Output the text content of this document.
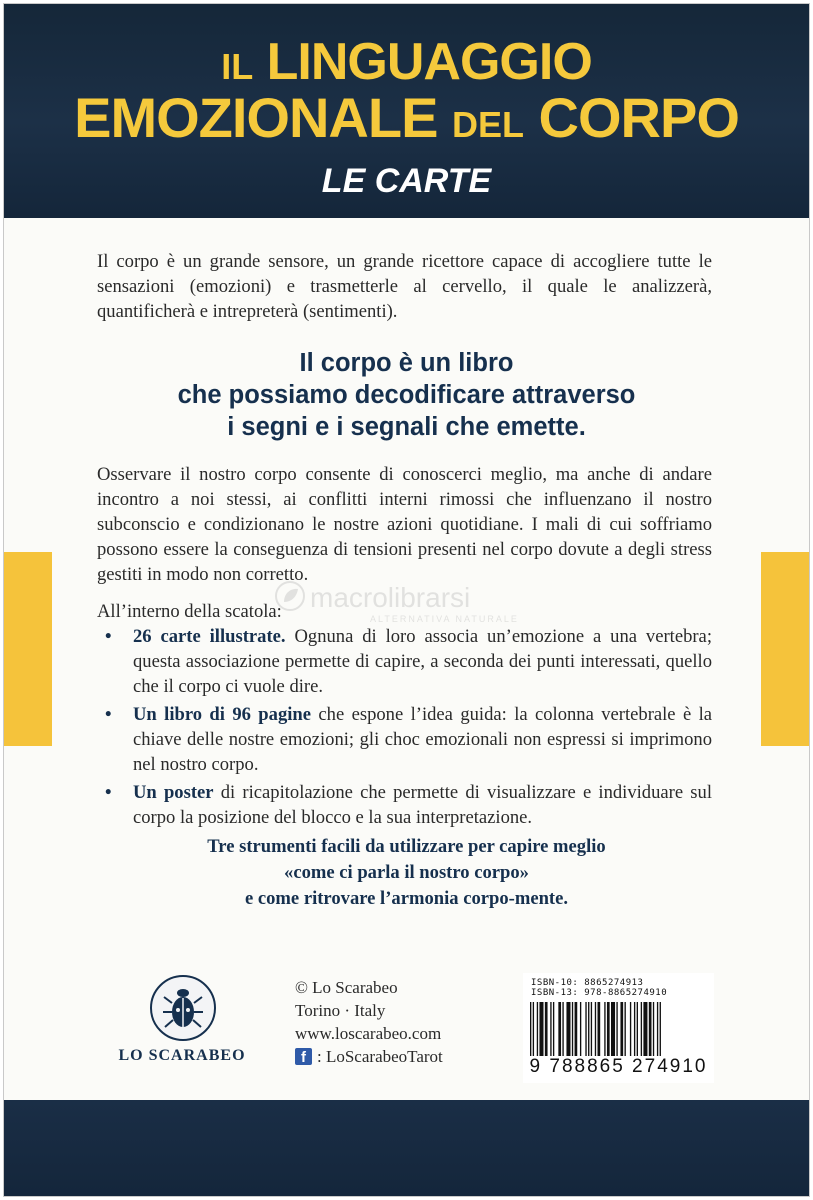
IL LINGUAGGIO
EMOZIONALE DEL CORPO
LE CARTE
Il corpo è un grande sensore, un grande ricettore capace di accogliere tutte le sensazioni (emozioni) e trasmetterle al cervello, il quale le analizzerà, quantificherà e intrepreterà (sentimenti).
Il corpo è un libro
che possiamo decodificare attraverso
i segni e i segnali che emette.
Osservare il nostro corpo consente di conoscerci meglio, ma anche di andare incontro a noi stessi, ai conflitti interni rimossi che influenzano il nostro subconscio e condizionano le nostre azioni quotidiane. I mali di cui soffriamo possono essere la conseguenza di tensioni presenti nel corpo dovute a degli stress gestiti in modo non corretto.
macrolibrarsi
ALTERNATIVA NATURALE
All’interno della scatola:
• 26 carte illustrate. Ognuna di loro associa un’emozione a una vertebra; questa associazione permette di capire, a seconda dei punti interessati, quello che il corpo ci vuole dire.
• Un libro di 96 pagine che espone l’idea guida: la colonna vertebrale è la chiave delle nostre emozioni; gli choc emozionali non espressi si imprimono nel nostro corpo.
• Un poster di ricapitolazione che permette di visualizzare e individuare sul corpo la posizione del blocco e la sua interpretazione.
Tre strumenti facili da utilizzare per capire meglio
«come ci parla il nostro corpo»
e come ritrovare l’armonia corpo-mente.
LO SCARABEO
© Lo Scarabeo
Torino · Italy
www.loscarabeo.com
f : LoScarabeoTarot
ISBN-10: 8865274913
ISBN-13: 978-8865274910
9 788865 274910
